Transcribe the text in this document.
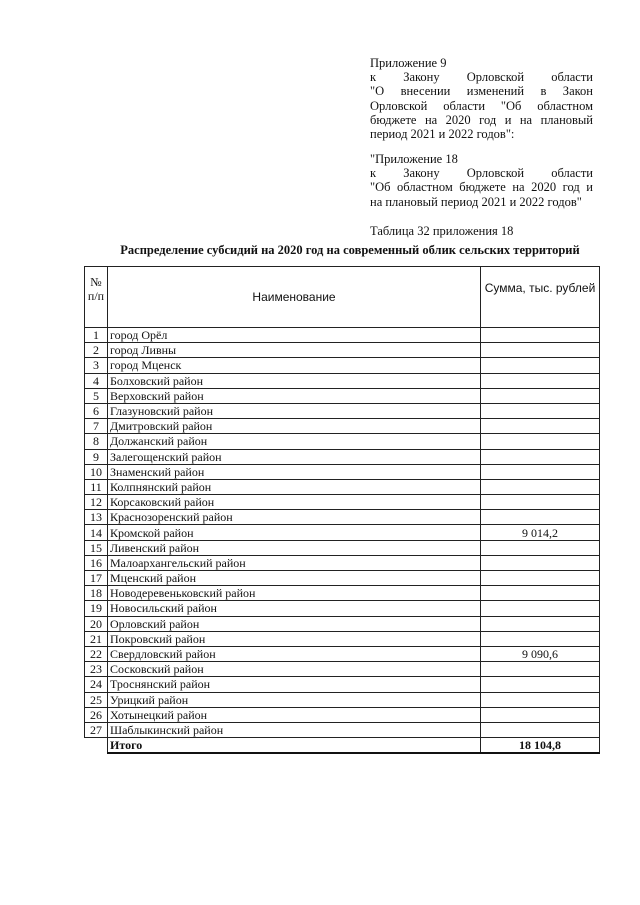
Приложение 9
к Закону Орловской области
"О внесении изменений в Закон
Орловской области "Об областном
бюджете на 2020 год и на плановый
период 2021 и 2022 годов":
"Приложение 18
к Закону Орловской области
"Об областном бюджете на 2020 год и
на плановый период 2021 и 2022 годов"
Таблица 32 приложения 18
Распределение субсидий на 2020 год на современный облик сельских территорий
№ п/п	Наименование	Сумма, тыс. рублей
1	город Орёл	
2	город Ливны	
3	город Мценск	
4	Болховский район	
5	Верховский район	
6	Глазуновский район	
7	Дмитровский район	
8	Должанский район	
9	Залегощенский район	
10	Знаменский район	
11	Колпнянский район	
12	Корсаковский район	
13	Краснозоренский район	
14	Кромской район	9 014,2
15	Ливенский район	
16	Малоархангельский район	
17	Мценский район	
18	Новодеревеньковский район	
19	Новосильский район	
20	Орловский район	
21	Покровский район	
22	Свердловский район	9 090,6
23	Сосковский район	
24	Троснянский район	
25	Урицкий район	
26	Хотынецкий район	
27	Шаблыкинский район	
	Итого	18 104,8
